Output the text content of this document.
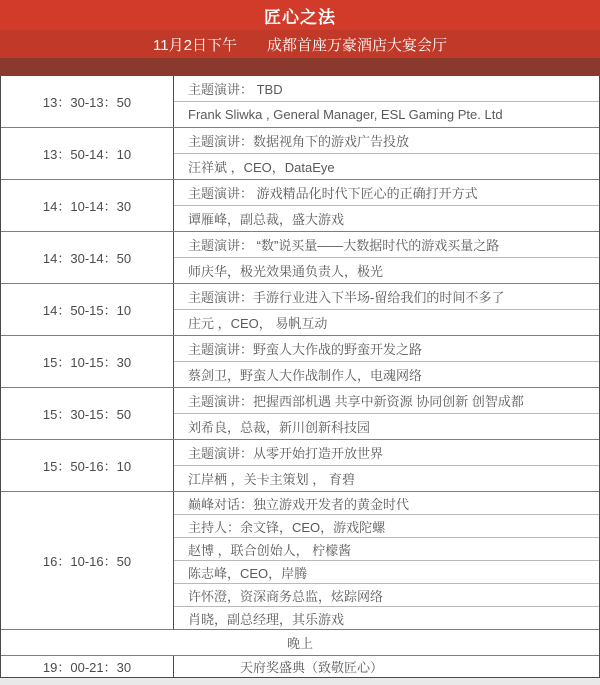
匠心之法
11月2日下午 成都首座万豪酒店大宴会厅
13：30-13：50
主题演讲： TBD
Frank Sliwka , General Manager, ESL Gaming Pte. Ltd
13：50-14：10
主题演讲：数据视角下的游戏广告投放
汪祥斌 ，CEO，DataEye
14：10-14：30
主题演讲： 游戏精品化时代下匠心的正确打开方式
谭雁峰，副总裁，盛大游戏
14：30-14：50
主题演讲： “数”说买量——大数据时代的游戏买量之路
师庆华，极光效果通负责人，极光
14：50-15：10
主题演讲：手游行业进入下半场-留给我们的时间不多了
庄元 ，CEO， 易帆互动
15：10-15：30
主题演讲：野蛮人大作战的野蛮开发之路
蔡剑卫，野蛮人大作战制作人，电魂网络
15：30-15：50
主题演讲：把握西部机遇 共享中新资源 协同创新 创智成都
刘希良，总裁，新川创新科技园
15：50-16：10
主题演讲：从零开始打造开放世界
江岸栖 ，关卡主策划 ， 育碧
16：10-16：50
巅峰对话：独立游戏开发者的黄金时代
主持人：余文锋，CEO，游戏陀螺
赵博 ，联合创始人， 柠檬酱
陈志峰，CEO，岸腾
许怀澄，资深商务总监，炫踪网络
肖晓，副总经理，其乐游戏
晚上
19：00-21：30	天府奖盛典（致敬匠心）
